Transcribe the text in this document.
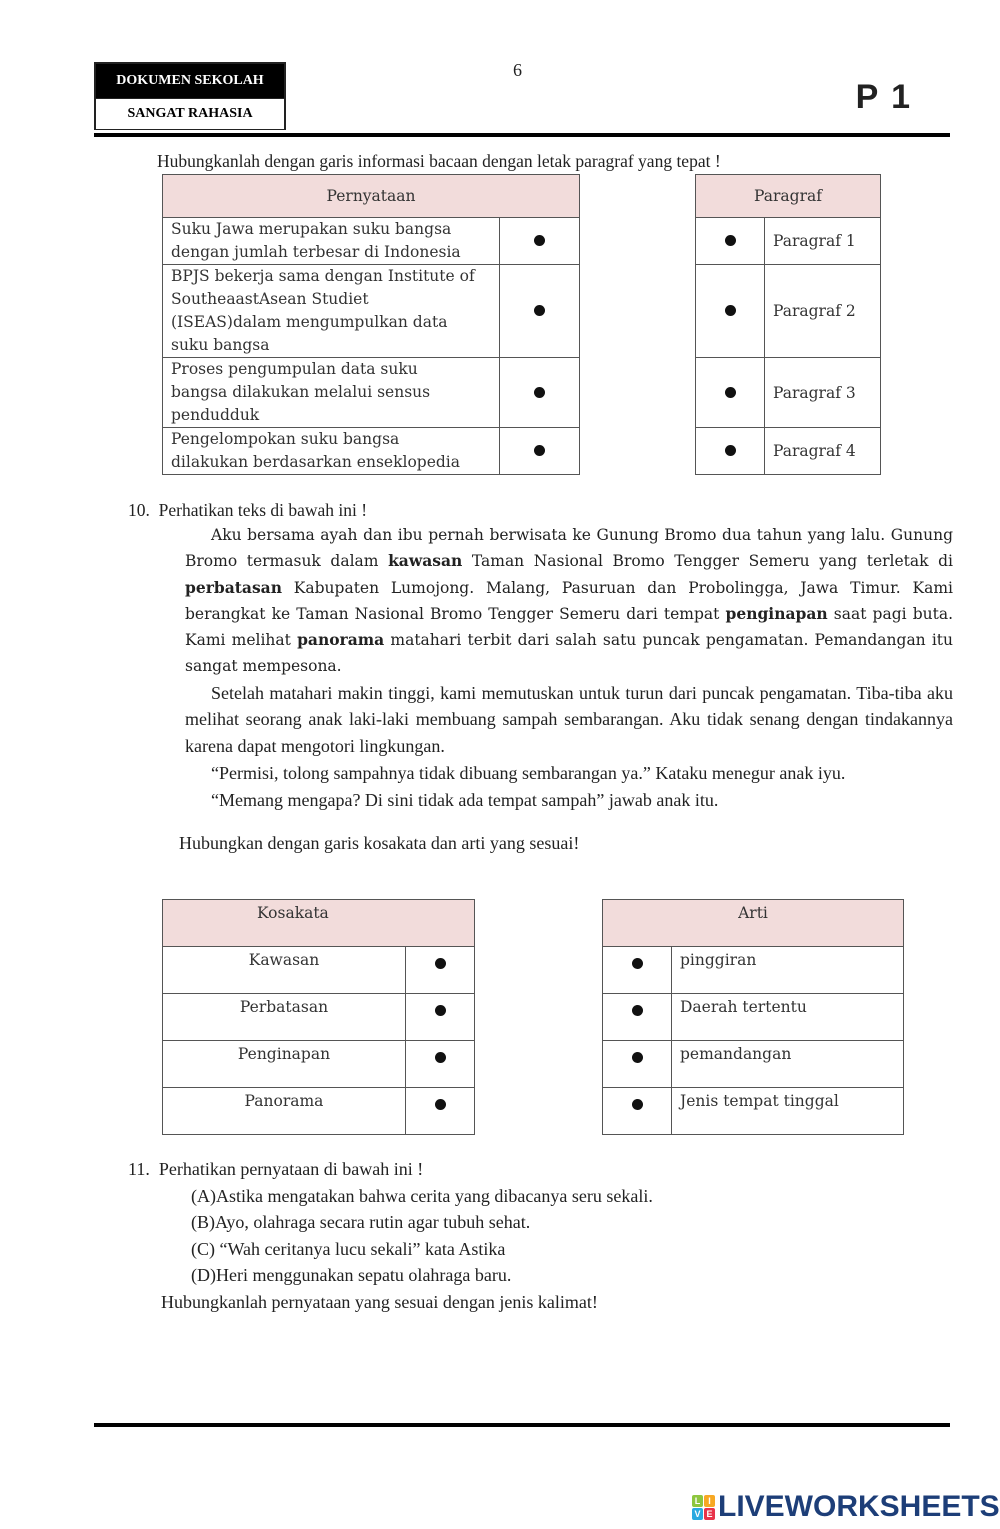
DOKUMEN SEKOLAH
SANGAT RAHASIA
6
P 1
Hubungkanlah dengan garis informasi bacaan dengan letak paragraf yang tepat !
Pernyataan	

Suku Jawa merupakan suku bangsa
dengan jumlah terbesar di Indonesia	

BPJS bekerja sama dengan Institute of
SoutheaastAsean Studiet
(ISEAS)dalam mengumpulkan data
suku bangsa	

Proses pengumpulan data suku
bangsa dilakukan melalui sensus
pendudduk	

Pengelompokan suku bangsa
dilakukan berdasarkan enseklopedia	

Paragraf	
	Paragraf 1
	Paragraf 2
	Paragraf 3
	Paragraf 4
10. Perhatikan teks di bawah ini !

Aku bersama ayah dan ibu pernah berwisata ke Gunung Bromo dua tahun yang lalu. Gunung Bromo termasuk dalam kawasan Taman Nasional Bromo Tengger Semeru yang terletak di perbatasan Kabupaten Lumojong. Malang, Pasuruan dan Probolingga, Jawa Timur. Kami berangkat ke Taman Nasional Bromo Tengger Semeru dari tempat penginapan saat pagi buta. Kami melihat panorama matahari terbit dari salah satu puncak pengamatan. Pemandangan itu sangat mempesona.

Setelah matahari makin tinggi, kami memutuskan untuk turun dari puncak pengamatan. Tiba-tiba aku melihat seorang anak laki-laki membuang sampah sembarangan. Aku tidak senang dengan tindakannya karena dapat mengotori lingkungan.

“Permisi, tolong sampahnya tidak dibuang sembarangan ya.” Kataku menegur anak iyu.

“Memang mengapa? Di sini tidak ada tempat sampah” jawab anak itu.

Hubungkan dengan garis kosakata dan arti yang sesuai!
Kosakata	
Kawasan	
Perbatasan	
Penginapan	
Panorama	
Arti	
	pinggiran
	Daerah tertentu
	pemandangan
	Jenis tempat tinggal
11. Perhatikan pernyataan di bawah ini !
(A)Astika mengatakan bahwa cerita yang dibacanya seru sekali.
(B)Ayo, olahraga secara rutin agar tubuh sehat.
(C) “Wah ceritanya lucu sekali” kata Astika
(D)Heri menggunakan sepatu olahraga baru.
Hubungkanlah pernyataan yang sesuai dengan jenis kalimat!
L I
V E LIVEWORKSHEETS
